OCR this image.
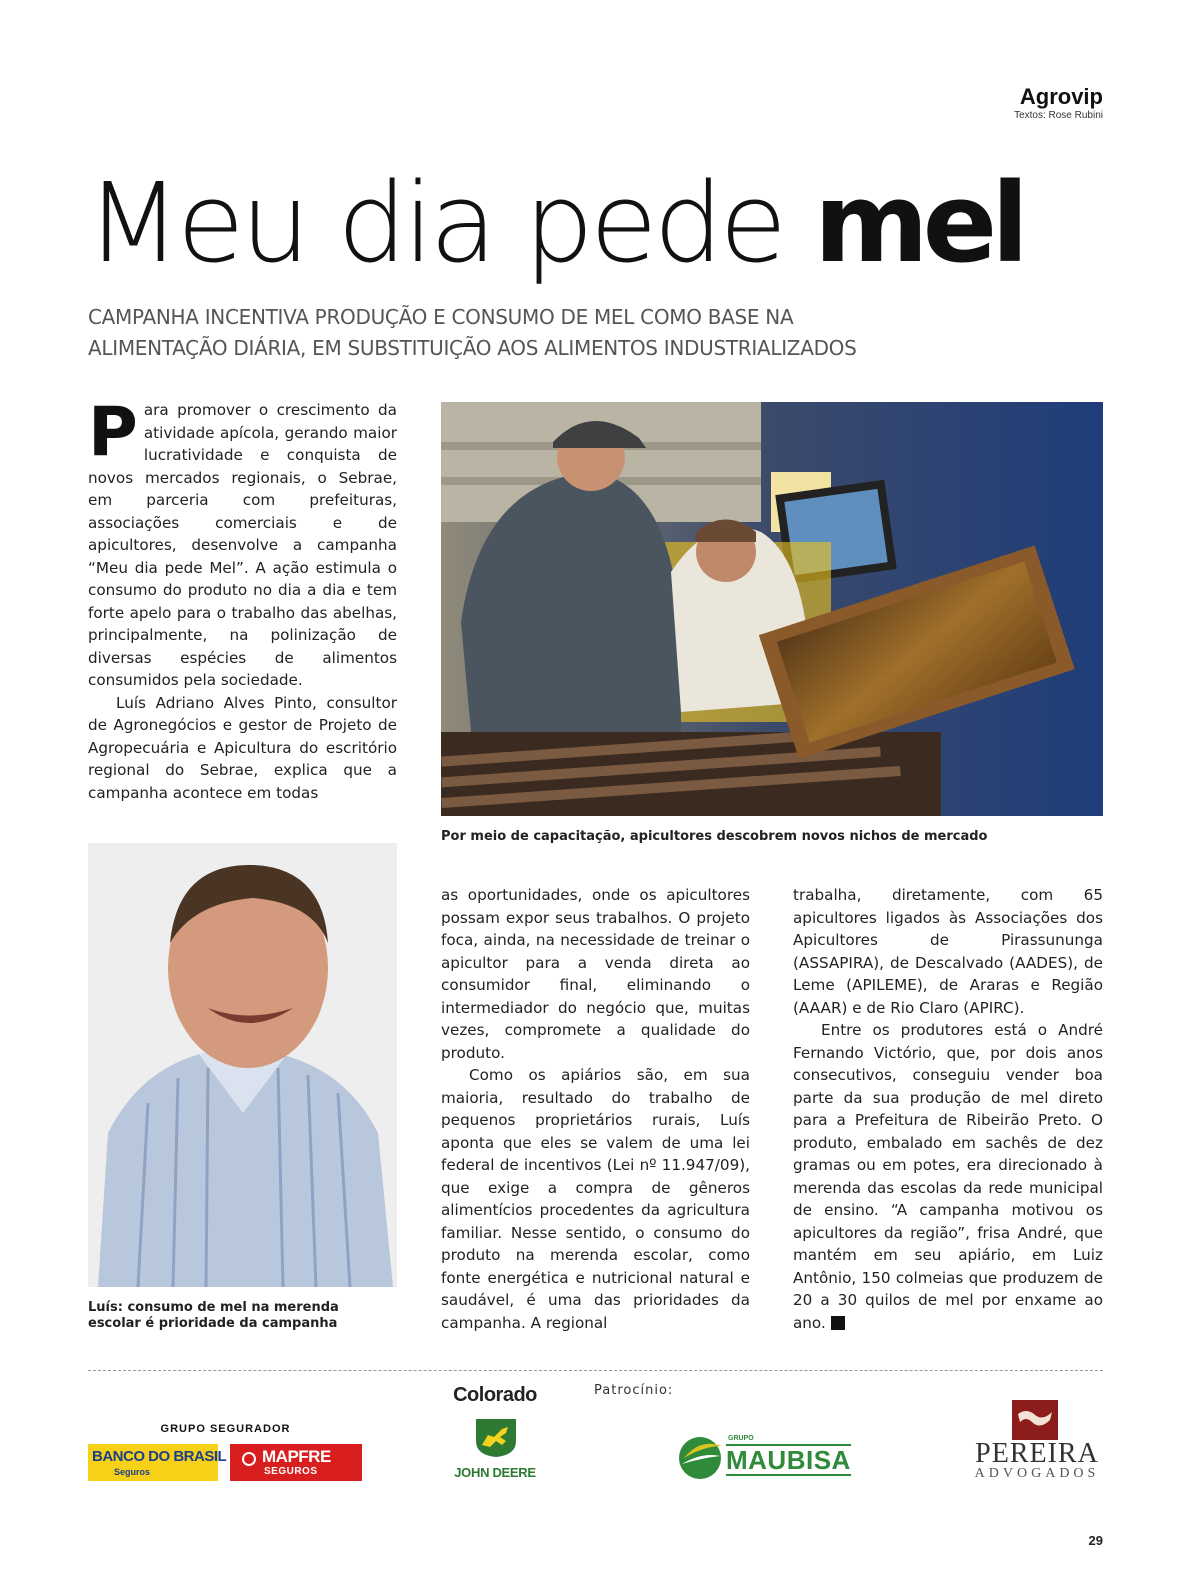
Agrovip
Textos: Rose Rubini
Meu dia pede mel
CAMPANHA INCENTIVA PRODUÇÃO E CONSUMO DE MEL COMO BASE NA
ALIMENTAÇÃO DIÁRIA, EM SUBSTITUIÇÃO AOS ALIMENTOS INDUSTRIALIZADOS

Para promover o crescimento da atividade apícola, gerando maior lucratividade e conquista de novos mercados regionais, o Sebrae, em parceria com prefeituras, associações comerciais e de apicultores, desenvolve a campanha “Meu dia pede Mel”. A ação estimula o consumo do produto no dia a dia e tem forte apelo para o trabalho das abelhas, principalmente, na polinização de diversas espécies de alimentos consumidos pela sociedade.

Luís Adriano Alves Pinto, consultor de Agronegócios e gestor de Projeto de Agropecuária e Apicultura do escritório regional do Sebrae, explica que a campanha acontece em todas

Por meio de capacitação, apicultores descobrem novos nichos de mercado
Luís: consumo de mel na merenda escolar é prioridade da campanha

as oportunidades, onde os apicultores possam expor seus trabalhos. O projeto foca, ainda, na necessidade de treinar o apicultor para a venda direta ao consumidor final, eliminando o intermediador do negócio que, muitas vezes, compromete a qualidade do produto.

Como os apiários são, em sua maioria, resultado do trabalho de pequenos proprietários rurais, Luís aponta que eles se valem de uma lei federal de incentivos (Lei nº 11.947/09), que exige a compra de gêneros alimentícios procedentes da agricultura familiar. Nesse sentido, o consumo do produto na merenda escolar, como fonte energética e nutricional natural e saudável, é uma das prioridades da campanha. A regional

trabalha, diretamente, com 65 apicultores ligados às Associações dos Apicultores de Pirassununga (ASSAPIRA), de Descalvado (AADES), de Leme (APILEME), de Araras e Região (AAAR) e de Rio Claro (APIRC).

Entre os produtores está o André Fernando Victório, que, por dois anos consecutivos, conseguiu vender boa parte da sua produção de mel direto para a Prefeitura de Ribeirão Preto. O produto, embalado em sachês de dez gramas ou em potes, era direcionado à merenda das escolas da rede municipal de ensino. “A campanha motivou os apicultores da região”, frisa André, que mantém em seu apiário, em Luiz Antônio, 150 colmeias que produzem de 20 a 30 quilos de mel por enxame ao ano.	r

Patrocínio:
GRUPO SEGURADOR
BANCO DO BRASIL
Seguros
MAPFRE
SEGUROS
Colorado
JOHN DEERE
GRUPO
MAUBISA	PEREIRA
ADVOGADOS
29
